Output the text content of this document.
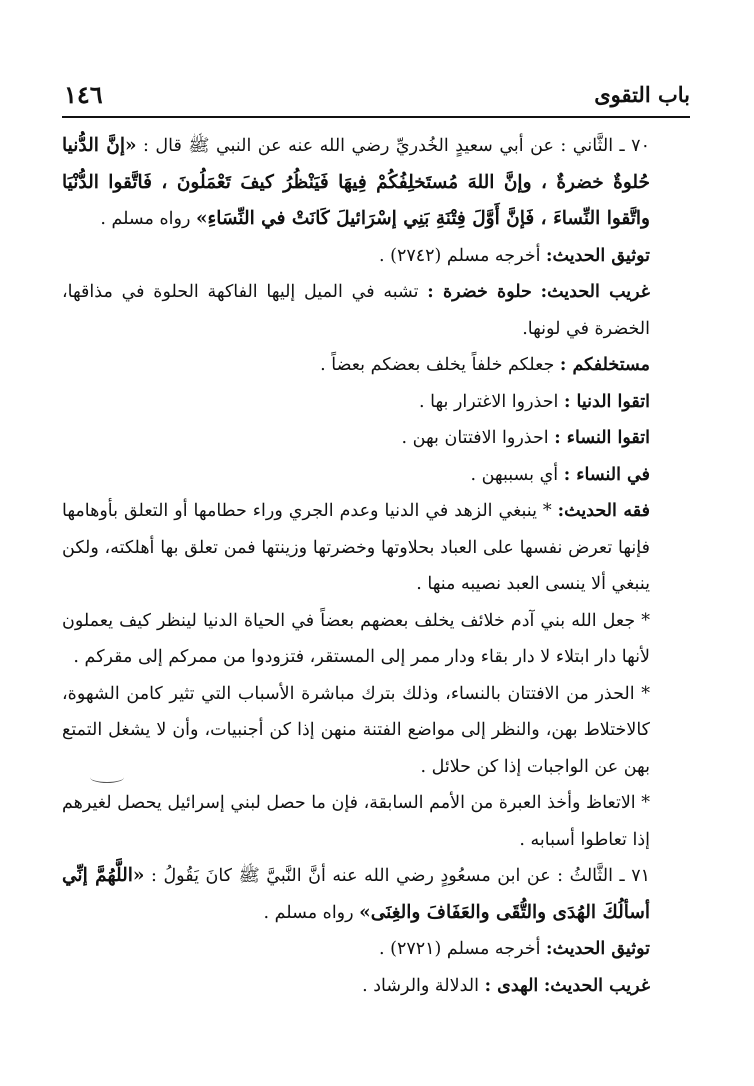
١٤٦	باب التقوى

٧٠ ـ الثَّاني : عن أبي سعيدٍ الخُدريِّ رضي الله عنه عن النبي ﷺ قال : «إنَّ الدُّنيا حُلوةٌ خضرةٌ ، وإنَّ اللهَ مُستَخلِفُكُمْ فِيهَا فَيَنْظُرُ كيفَ تَعْمَلُونَ ، فَاتَّقوا الدُّنْيَا واتَّقوا النِّساءَ ، فَإنَّ أَوَّلَ فِتْنَةِ بَنِي إسْرَائيلَ كَانَتْ في النِّسَاءِ» رواه مسلم .

توثيق الحديث: أخرجه مسلم (٢٧٤٢) .

غريب الحديث: حلوة خضرة : تشبه في الميل إليها الفاكهة الحلوة في مذاقها، الخضرة في لونها.

مستخلفكم : جعلكم خلفاً يخلف بعضكم بعضاً .

اتقوا الدنيا : احذروا الاغترار بها .

اتقوا النساء : احذروا الافتتان بهن .

في النساء : أي بسببهن .

فقه الحديث: * ينبغي الزهد في الدنيا وعدم الجري وراء حطامها أو التعلق بأوهامها فإنها تعرض نفسها على العباد بحلاوتها وخضرتها وزينتها فمن تعلق بها أهلكته، ولكن ينبغي ألا ينسى العبد نصيبه منها .

* جعل الله بني آدم خلائف يخلف بعضهم بعضاً في الحياة الدنيا لينظر كيف يعملون لأنها دار ابتلاء لا دار بقاء ودار ممر إلى المستقر، فتزودوا من ممركم إلى مقركم .

* الحذر من الافتتان بالنساء، وذلك بترك مباشرة الأسباب التي تثير كامن الشهوة، كالاختلاط بهن، والنظر إلى مواضع الفتنة منهن إذا كن أجنبيات، وأن لا يشغل التمتع بهن عن الواجبات إذا كن حلائل .

* الاتعاظ وأخذ العبرة من الأمم السابقة، فإن ما حصل لبني إسرائيل يحصل لغيرهم إذا تعاطوا أسبابه .

٧١ ـ الثَّالثُ : عن ابن مسعُودٍ رضي الله عنه أنَّ النَّبيَّ ﷺ كانَ يَقُولُ : «اللَّهُمَّ إنِّي أسألُكَ الهُدَى والتُّقَى والعَفَافَ والغِنَى» رواه مسلم .

توثيق الحديث: أخرجه مسلم (٢٧٢١) .

غريب الحديث: الهدى : الدلالة والرشاد .
